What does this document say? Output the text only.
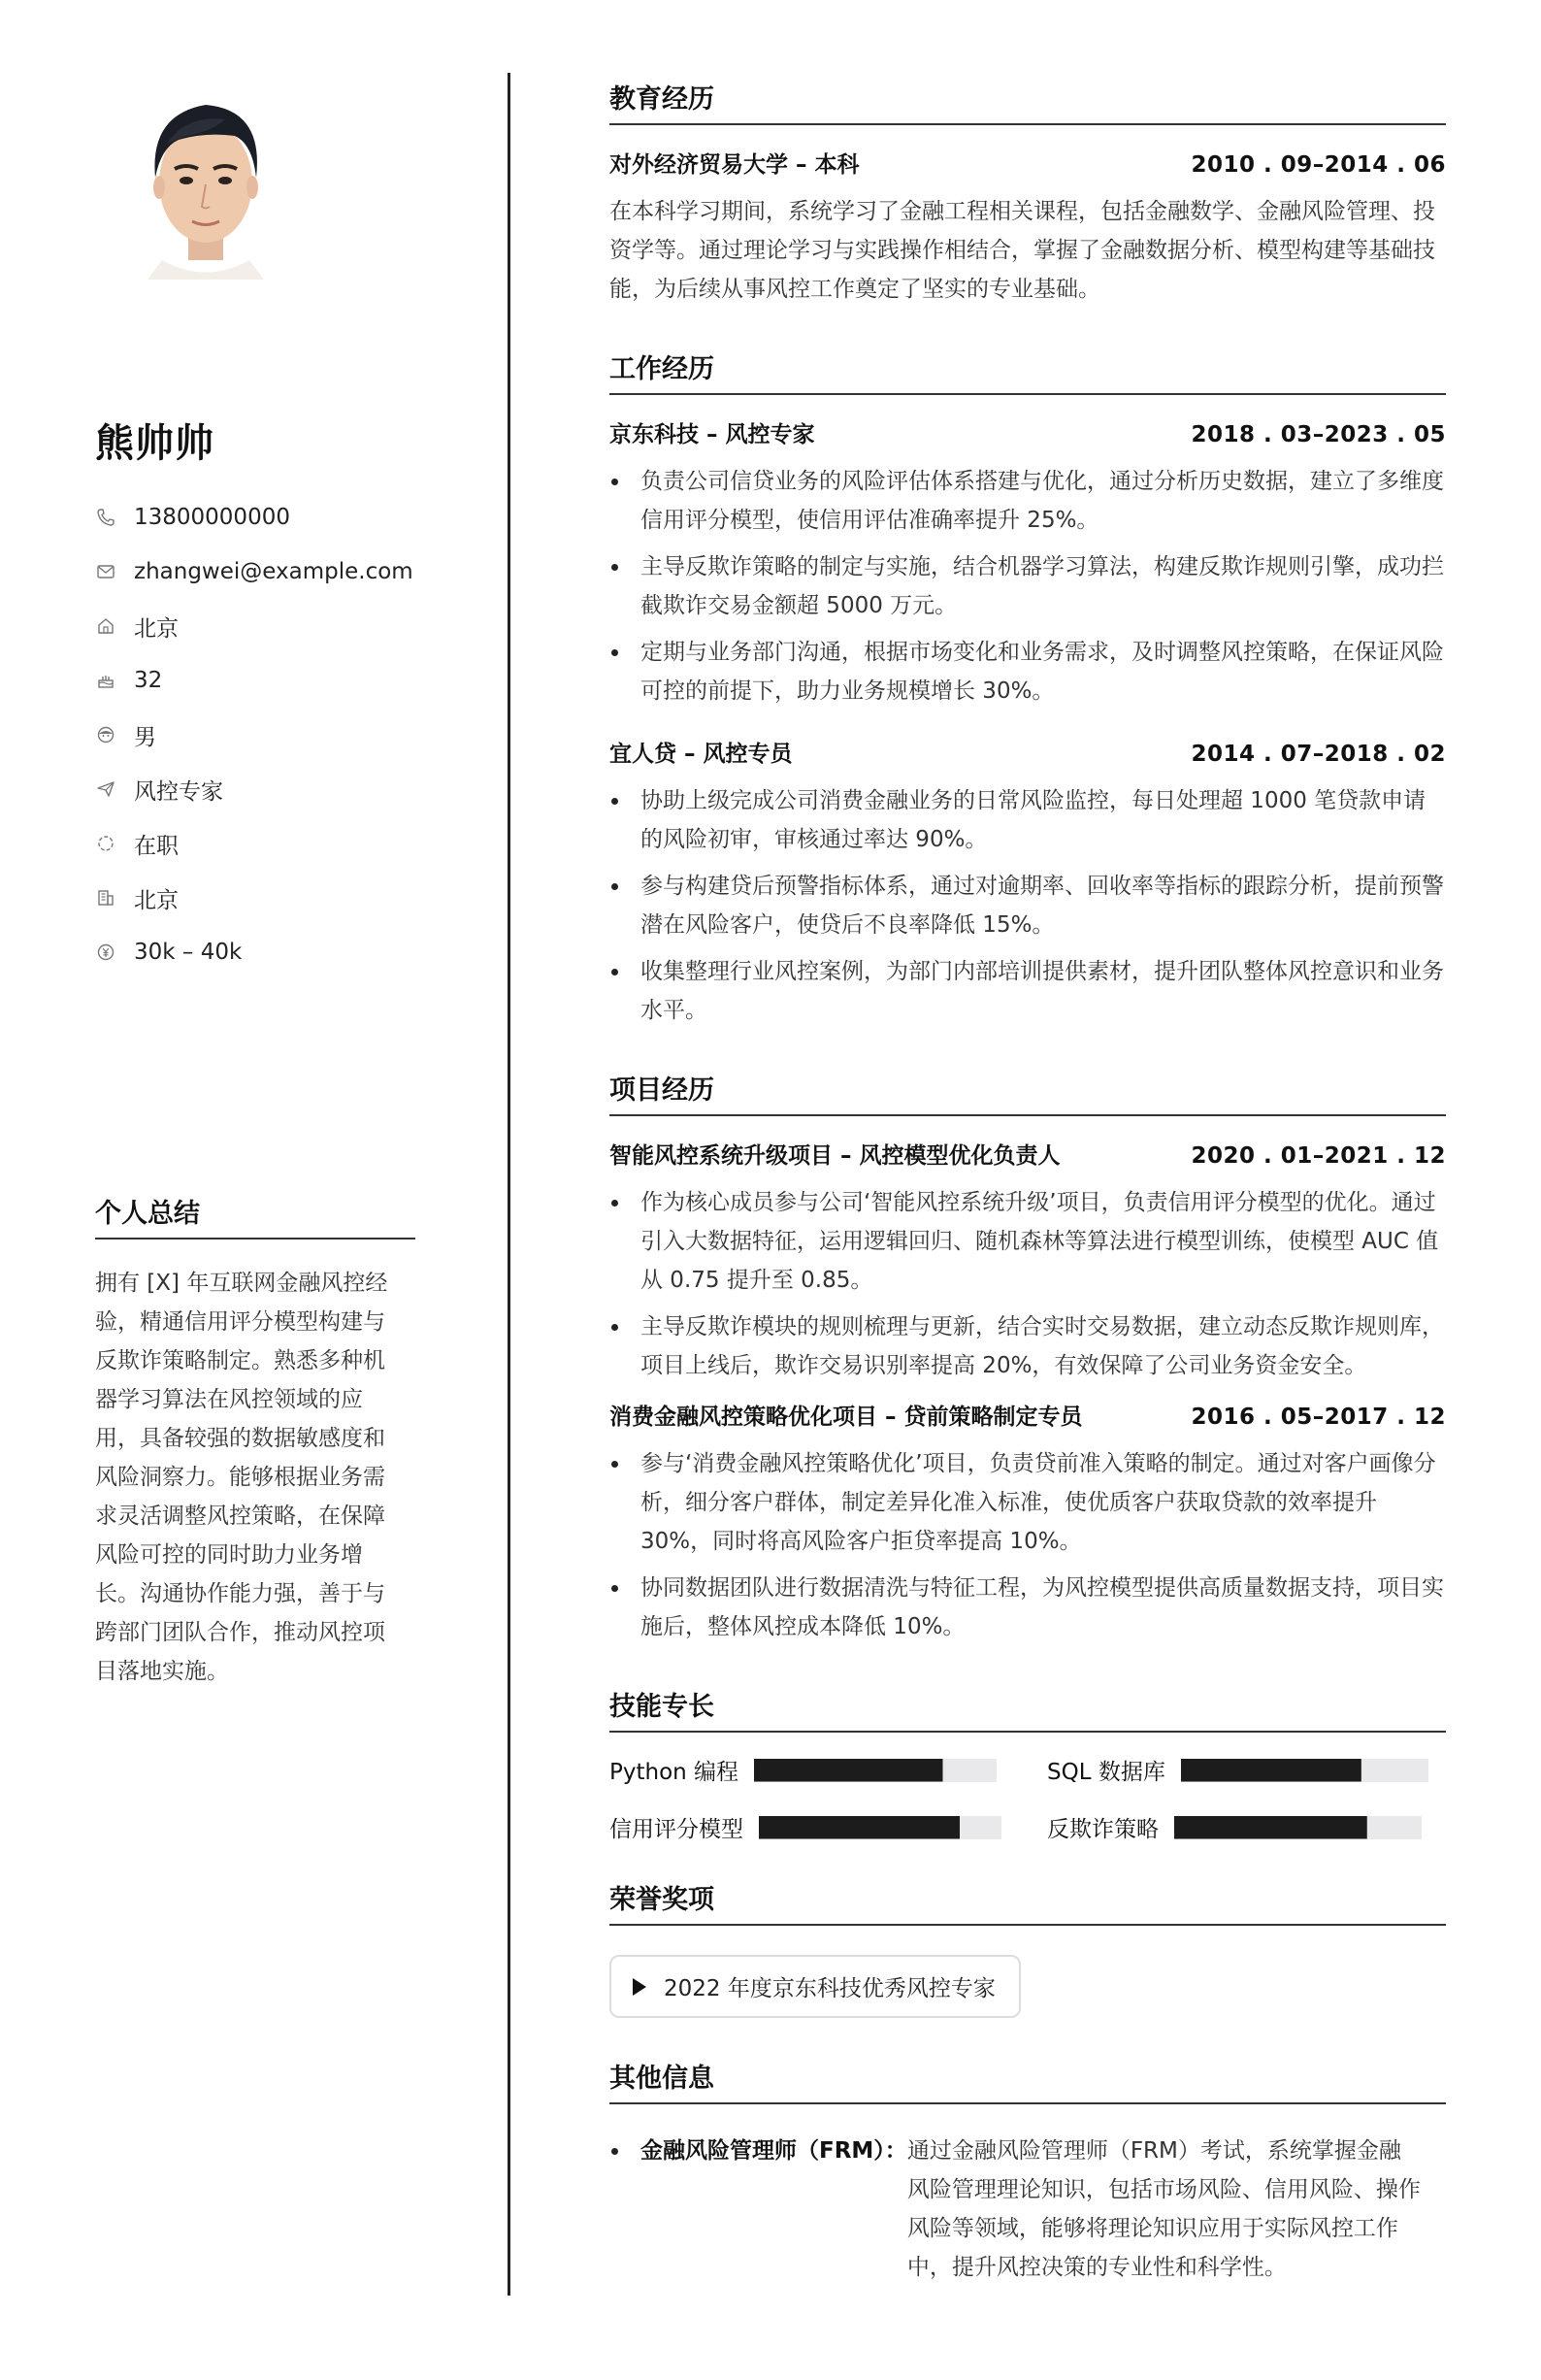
熊帅帅
13800000000
zhangwei@example.com
北京
32
男
风控专家
在职
北京
30k – 40k
个人总结
拥有 [X] 年互联网金融风控经验，精通信用评分模型构建与反欺诈策略制定。熟悉多种机器学习算法在风控领域的应用，具备较强的数据敏感度和风险洞察力。能够根据业务需求灵活调整风控策略，在保障风险可控的同时助力业务增长。沟通协作能力强，善于与跨部门团队合作，推动风控项目落地实施。
教育经历
对外经济贸易大学 – 本科	2010 . 09–2014 . 06

在本科学习期间，系统学习了金融工程相关课程，包括金融数学、金融风险管理、投资学等。通过理论学习与实践操作相结合，掌握了金融数据分析、模型构建等基础技能，为后续从事风控工作奠定了坚实的专业基础。

工作经历
京东科技 – 风控专家	2018 . 03–2023 . 05
负责公司信贷业务的风险评估体系搭建与优化，通过分析历史数据，建立了多维度信用评分模型，使信用评估准确率提升 25%。
主导反欺诈策略的制定与实施，结合机器学习算法，构建反欺诈规则引擎，成功拦截欺诈交易金额超 5000 万元。
定期与业务部门沟通，根据市场变化和业务需求，及时调整风控策略，在保证风险可控的前提下，助力业务规模增长 30%。
宜人贷 – 风控专员	2014 . 07–2018 . 02
协助上级完成公司消费金融业务的日常风险监控，每日处理超 1000 笔贷款申请的风险初审，审核通过率达 90%。
参与构建贷后预警指标体系，通过对逾期率、回收率等指标的跟踪分析，提前预警潜在风险客户，使贷后不良率降低 15%。
收集整理行业风控案例，为部门内部培训提供素材，提升团队整体风控意识和业务水平。
项目经历
智能风控系统升级项目 – 风控模型优化负责人	2020 . 01–2021 . 12
作为核心成员参与公司‘智能风控系统升级’项目，负责信用评分模型的优化。通过引入大数据特征，运用逻辑回归、随机森林等算法进行模型训练，使模型 AUC 值从 0.75 提升至 0.85。
主导反欺诈模块的规则梳理与更新，结合实时交易数据，建立动态反欺诈规则库，项目上线后，欺诈交易识别率提高 20%，有效保障了公司业务资金安全。
消费金融风控策略优化项目 – 贷前策略制定专员	2016 . 05–2017 . 12
参与‘消费金融风控策略优化’项目，负责贷前准入策略的制定。通过对客户画像分析，细分客户群体，制定差异化准入标准，使优质客户获取贷款的效率提升 30%，同时将高风险客户拒贷率提高 10%。
协同数据团队进行数据清洗与特征工程，为风控模型提供高质量数据支持，项目实施后，整体风控成本降低 10%。
技能专长
Python 编程	SQL 数据库
信用评分模型	反欺诈策略
荣誉奖项
2022 年度京东科技优秀风控专家
其他信息
金融风险管理师（FRM）： 通过金融风险管理师（FRM）考试，系统掌握金融风险管理理论知识，包括市场风险、信用风险、操作风险等领域，能够将理论知识应用于实际风控工作中，提升风控决策的专业性和科学性。
